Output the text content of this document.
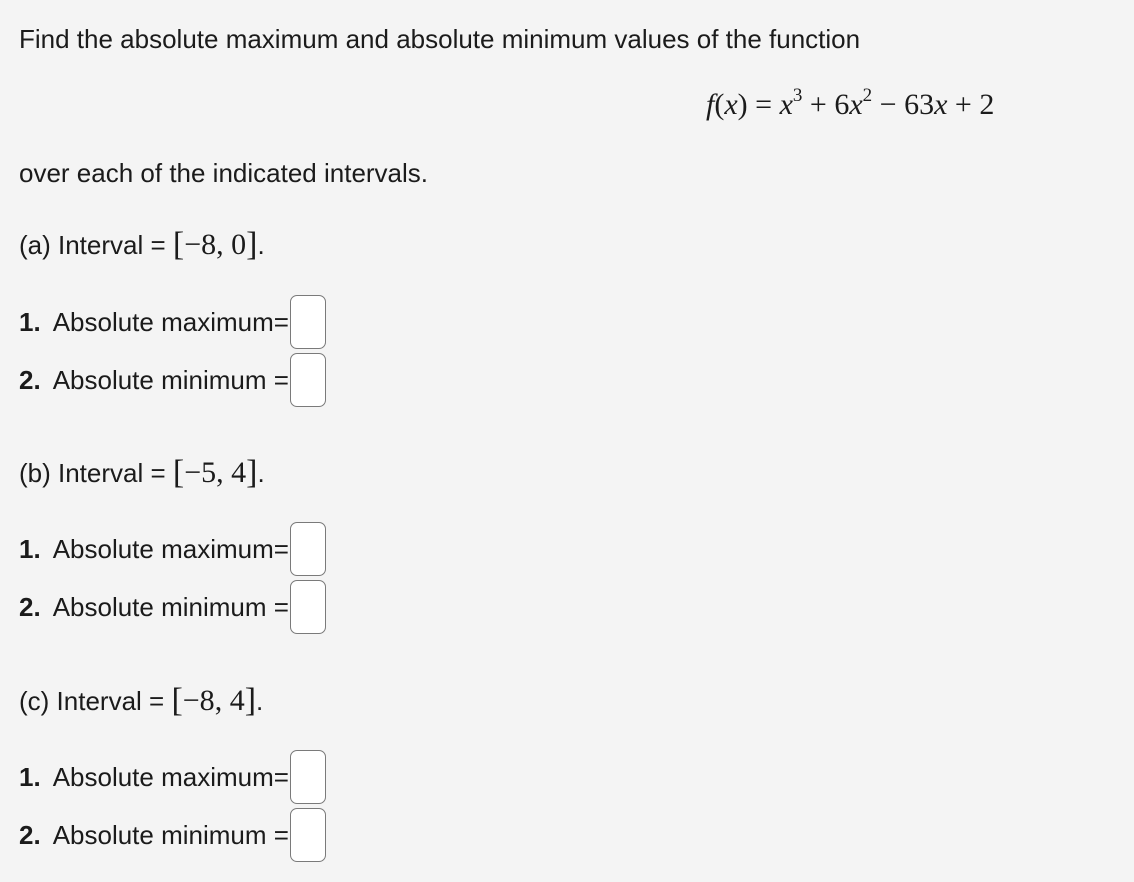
Find the absolute maximum and absolute minimum values of the function
$f(x) = x^3 + 6x^2 - 63x + 2$
over each of the indicated intervals.
(a) Interval = [−8, 0].
1. Absolute maximum=
2. Absolute minimum =
(b) Interval = [−5, 4].
1. Absolute maximum=
2. Absolute minimum =
(c) Interval = [−8, 4].
1. Absolute maximum=
2. Absolute minimum =
